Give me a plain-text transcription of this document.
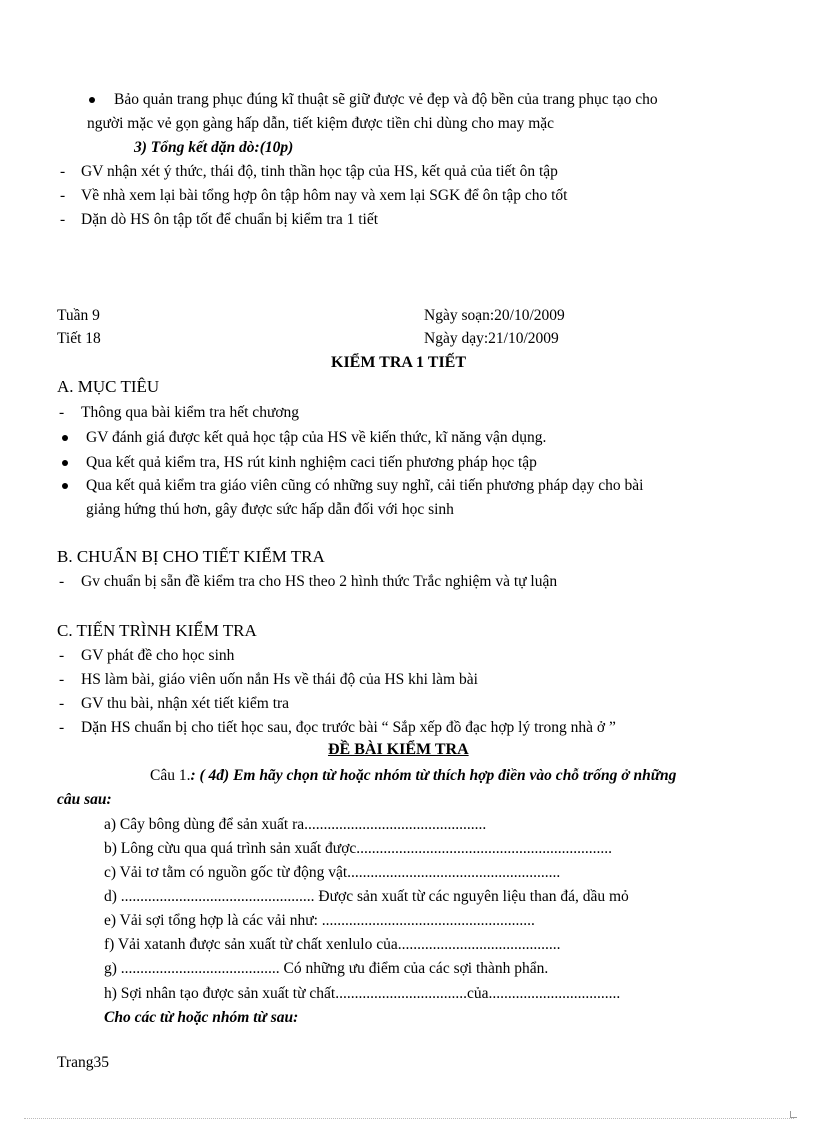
Bảo quản trang phục đúng kĩ thuật sẽ giữ được vẻ đẹp và độ bền của trang phục tạo cho
người mặc vẻ gọn gàng hấp dẫn, tiết kiệm được tiền chi dùng cho may mặc
3) Tổng kết dặn dò:(10p)
-	GV nhận xét ý thức, thái độ, tinh thần học tập của HS, kết quả của tiết ôn tập
-	Về nhà xem lại bài tổng hợp ôn tập hôm nay và xem lại SGK để ôn tập cho tốt
-	Dặn dò HS ôn tập tốt để chuẩn bị kiểm tra 1 tiết
Tuần 9	Ngày soạn:20/10/2009
Tiết 18	Ngày dạy:21/10/2009
KIỂM TRA 1 TIẾT
A. MỤC TIÊU
-	Thông qua bài kiểm tra hết chương
GV đánh giá được kết quả học tập của HS về kiến thức, kĩ năng vận dụng.
Qua kết quả kiểm tra, HS rút kinh nghiệm caci tiến phương pháp học tập
Qua kết quả kiểm tra giáo viên cũng có những suy nghĩ, cải tiến phương pháp dạy cho bài
giảng hứng thú hơn, gây được sức hấp dẫn đối với học sinh
B. CHUẨN BỊ CHO TIẾT KIỂM TRA
-	Gv chuẩn bị sẵn đề kiểm tra cho HS theo 2 hình thức Trắc nghiệm và tự luận
C. TIẾN TRÌNH KIỂM TRA
-	GV phát đề cho học sinh
-	HS làm bài, giáo viên uốn nắn Hs về thái độ của HS khi làm bài
-	GV thu bài, nhận xét tiết kiểm tra
-	Dặn HS chuẩn bị cho tiết học sau, đọc trước bài “ Sắp xếp đồ đạc hợp lý trong nhà ở ”
ĐỀ BÀI KIỂM TRA
Câu 1.: ( 4đ) Em hãy chọn từ hoặc nhóm từ thích hợp điền vào chỗ trống ở những
câu sau:
a) Cây bông dùng để sản xuất ra...............................................
b) Lông cừu qua quá trình sản xuất được..................................................................
c) Vải tơ tằm có nguồn gốc từ động vật.......................................................
d) .................................................. Được sản xuất từ các nguyên liệu than đá, dầu mỏ
e) Vải sợi tổng hợp là các vải như: .......................................................
f) Vải xatanh được sản xuất từ chất xenlulo của..........................................
g) ......................................... Có những ưu điểm của các sợi thành phẩn.
h) Sợi nhân tạo được sản xuất từ chất..................................của..................................
Cho các từ hoặc nhóm từ sau:
Trang35
